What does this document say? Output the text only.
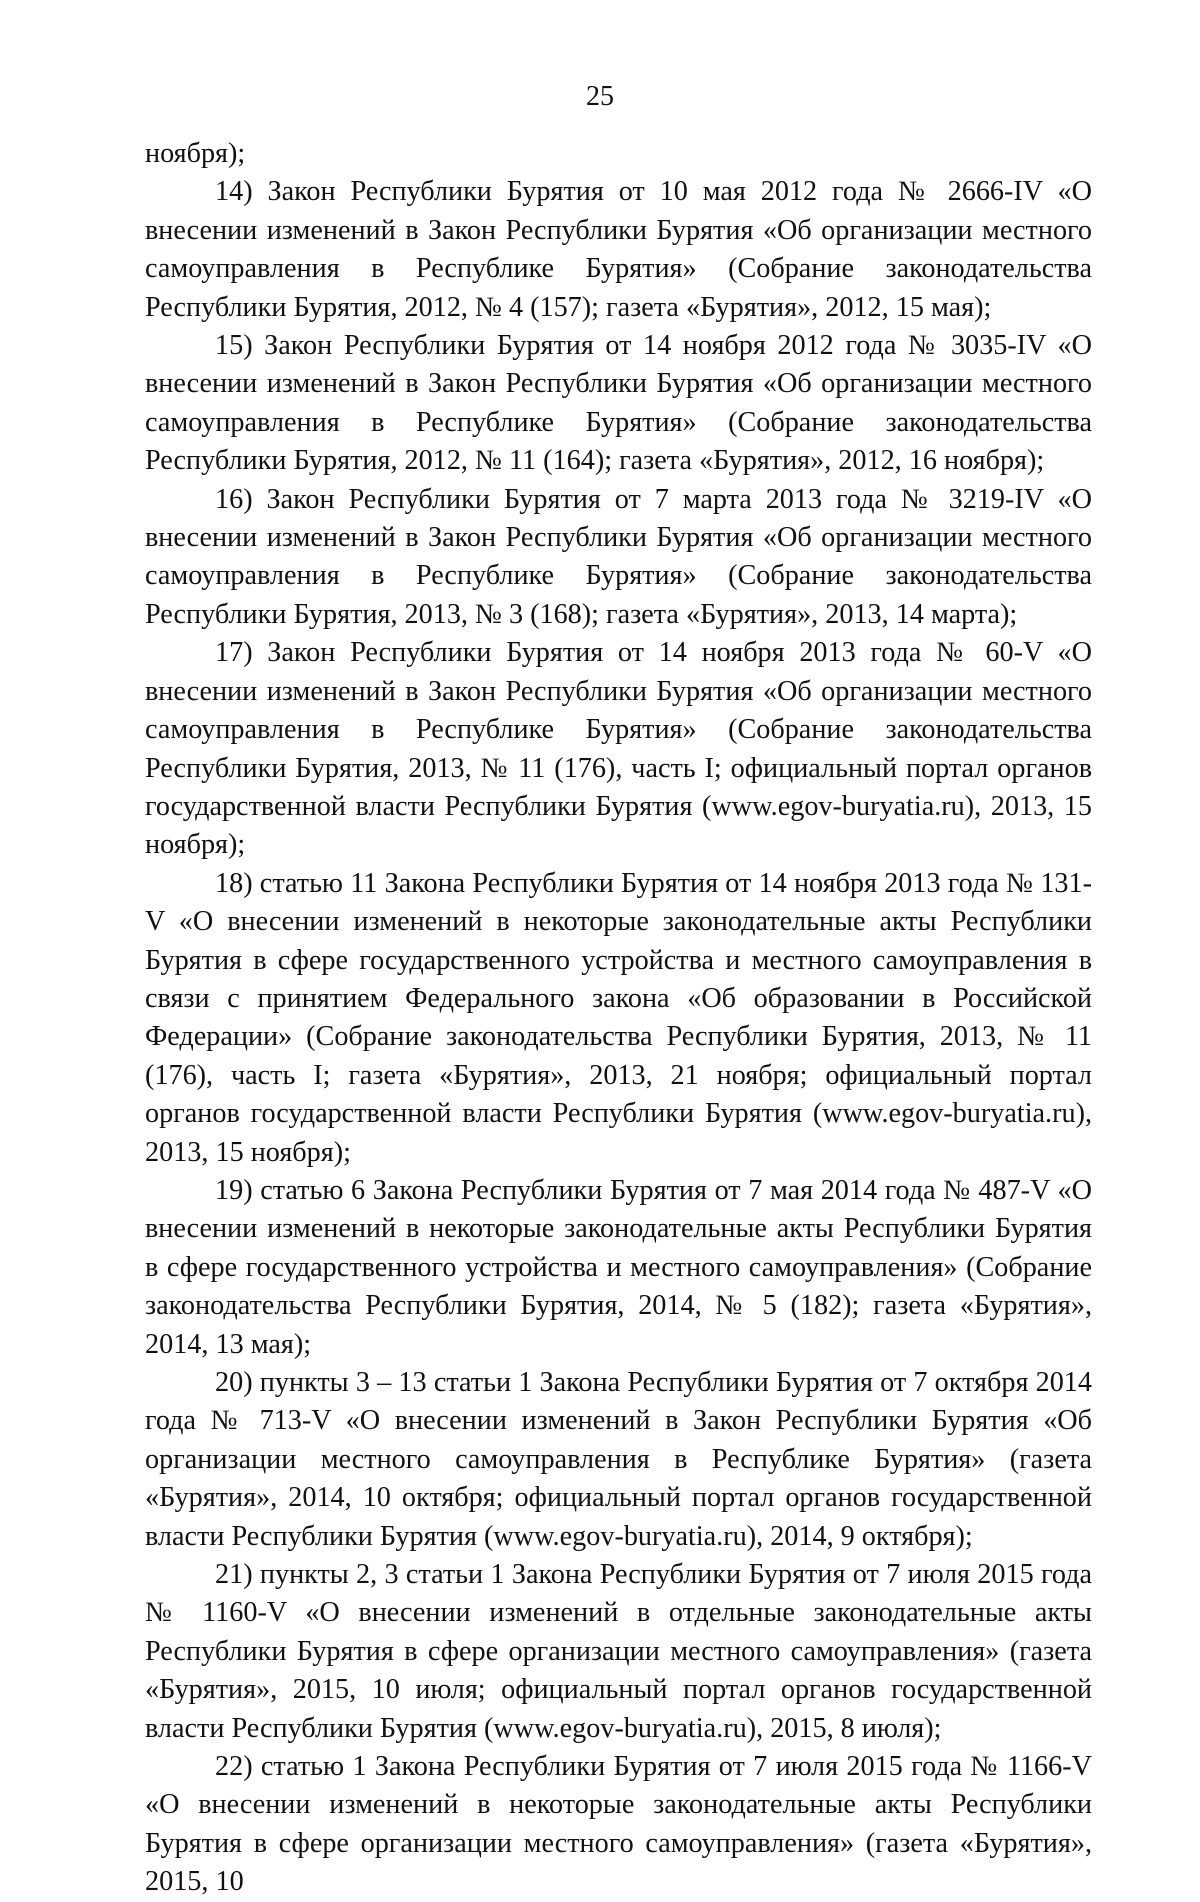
25

ноября);

14) Закон Республики Бурятия от 10 мая 2012 года № 2666-IV «О внесении изменений в Закон Республики Бурятия «Об организации местного самоуправления в Республике Бурятия» (Собрание законодательства Республики Бурятия, 2012, № 4 (157); газета «Бурятия», 2012, 15 мая);

15) Закон Республики Бурятия от 14 ноября 2012 года № 3035-IV «О внесении изменений в Закон Республики Бурятия «Об организации местного самоуправления в Республике Бурятия» (Собрание законодательства Республики Бурятия, 2012, № 11 (164); газета «Бурятия», 2012, 16 ноября);

16) Закон Республики Бурятия от 7 марта 2013 года № 3219-IV «О внесении изменений в Закон Республики Бурятия «Об организации местного самоуправления в Республике Бурятия» (Собрание законодательства Республики Бурятия, 2013, № 3 (168); газета «Бурятия», 2013, 14 марта);

17) Закон Республики Бурятия от 14 ноября 2013 года № 60-V «О внесении изменений в Закон Республики Бурятия «Об организации местного самоуправления в Республике Бурятия» (Собрание законодательства Республики Бурятия, 2013, № 11 (176), часть I; официальный портал органов государственной власти Республики Бурятия (www.egov-buryatia.ru), 2013, 15 ноября);

18) статью 11 Закона Республики Бурятия от 14 ноября 2013 года № 131-V «О внесении изменений в некоторые законодательные акты Республики Бурятия в сфере государственного устройства и местного самоуправления в связи с принятием Федерального закона «Об образовании в Российской Федерации» (Собрание законодательства Республики Бурятия, 2013, № 11 (176), часть I; газета «Бурятия», 2013, 21 ноября; официальный портал органов государственной власти Республики Бурятия (www.egov-buryatia.ru), 2013, 15 ноября);

19) статью 6 Закона Республики Бурятия от 7 мая 2014 года № 487-V «О внесении изменений в некоторые законодательные акты Республики Бурятия в сфере государственного устройства и местного самоуправления» (Собрание законодательства Республики Бурятия, 2014, № 5 (182); газета «Бурятия», 2014, 13 мая);

20) пункты 3 – 13 статьи 1 Закона Республики Бурятия от 7 октября 2014 года № 713-V «О внесении изменений в Закон Республики Бурятия «Об организации местного самоуправления в Республике Бурятия» (газета «Бурятия», 2014, 10 октября; официальный портал органов государственной власти Республики Бурятия (www.egov-buryatia.ru), 2014, 9 октября);

21) пункты 2, 3 статьи 1 Закона Республики Бурятия от 7 июля 2015 года № 1160-V «О внесении изменений в отдельные законодательные акты Республики Бурятия в сфере организации местного самоуправления» (газета «Бурятия», 2015, 10 июля; официальный портал органов государственной власти Республики Бурятия (www.egov-buryatia.ru), 2015, 8 июля);

22) статью 1 Закона Республики Бурятия от 7 июля 2015 года № 1166-V «О внесении изменений в некоторые законодательные акты Республики Бурятия в сфере организации местного самоуправления» (газета «Бурятия», 2015, 10
